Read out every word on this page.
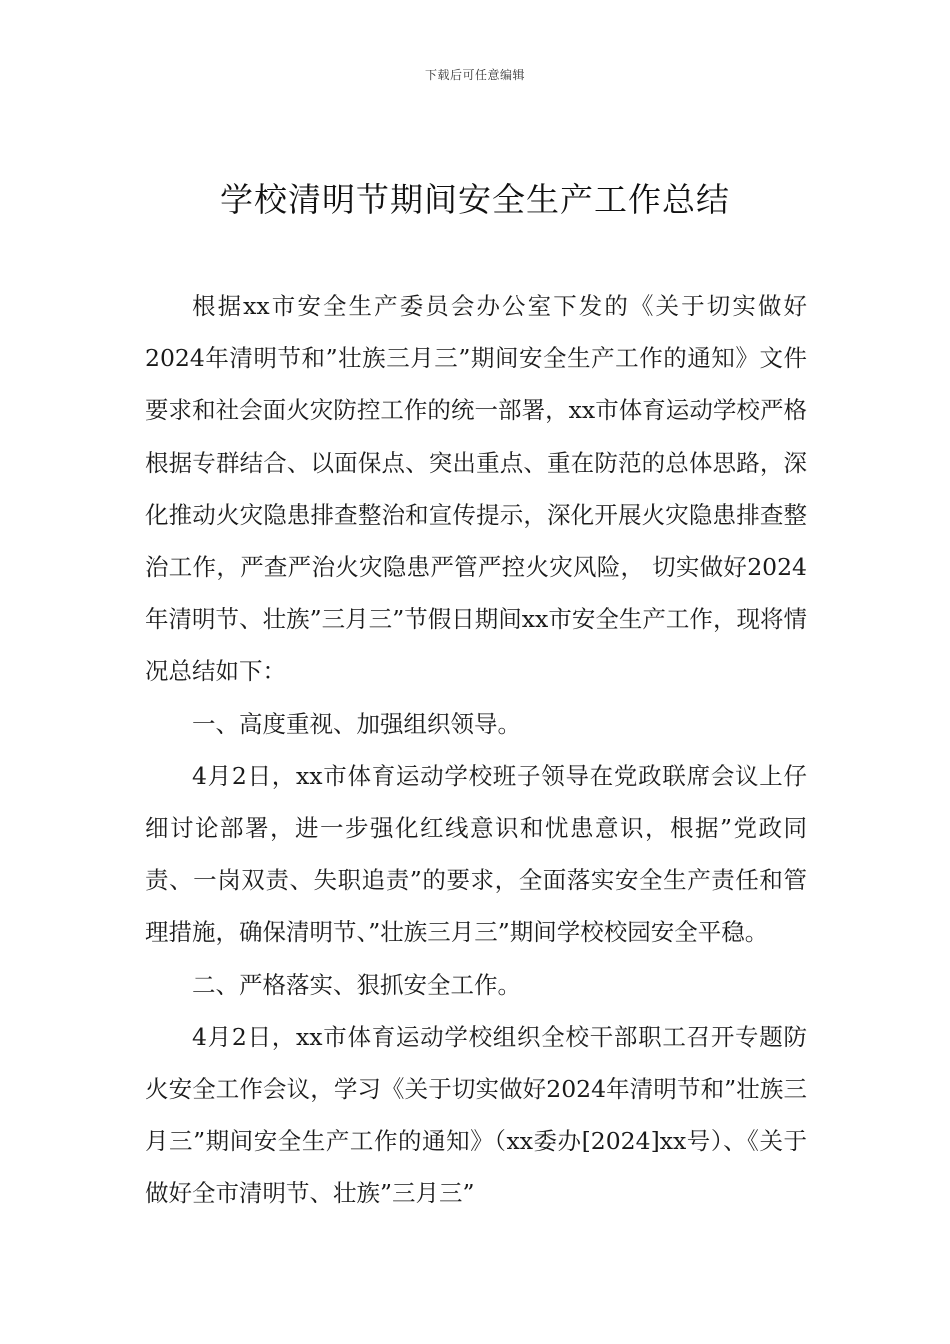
下载后可任意编辑
学校清明节期间安全生产工作总结

根据xx市安全生产委员会办公室下发的《关于切实做好2024年清明节和”壮族三月三”期间安全生产工作的通知》文件要求和社会面火灾防控工作的统一部署，xx市体育运动学校严格根据专群结合、以面保点、突出重点、重在防范的总体思路，深化推动火灾隐患排查整治和宣传提示，深化开展火灾隐患排查整治工作，严查严治火灾隐患严管严控火灾风险， 切实做好2024年清明节、壮族”三月三”节假日期间xx市安全生产工作，现将情况总结如下：

一、高度重视、加强组织领导。

4月2日，xx市体育运动学校班子领导在党政联席会议上仔细讨论部署，进一步强化红线意识和忧患意识，根据”党政同责、一岗双责、失职追责”的要求，全面落实安全生产责任和管理措施，确保清明节、”壮族三月三”期间学校校园安全平稳。

二、严格落实、狠抓安全工作。

4月2日，xx市体育运动学校组织全校干部职工召开专题防火安全工作会议，学习《关于切实做好2024年清明节和”壮族三月三”期间安全生产工作的通知》（xx委办[2024]xx号）、《关于做好全市清明节、壮族”三月三”
